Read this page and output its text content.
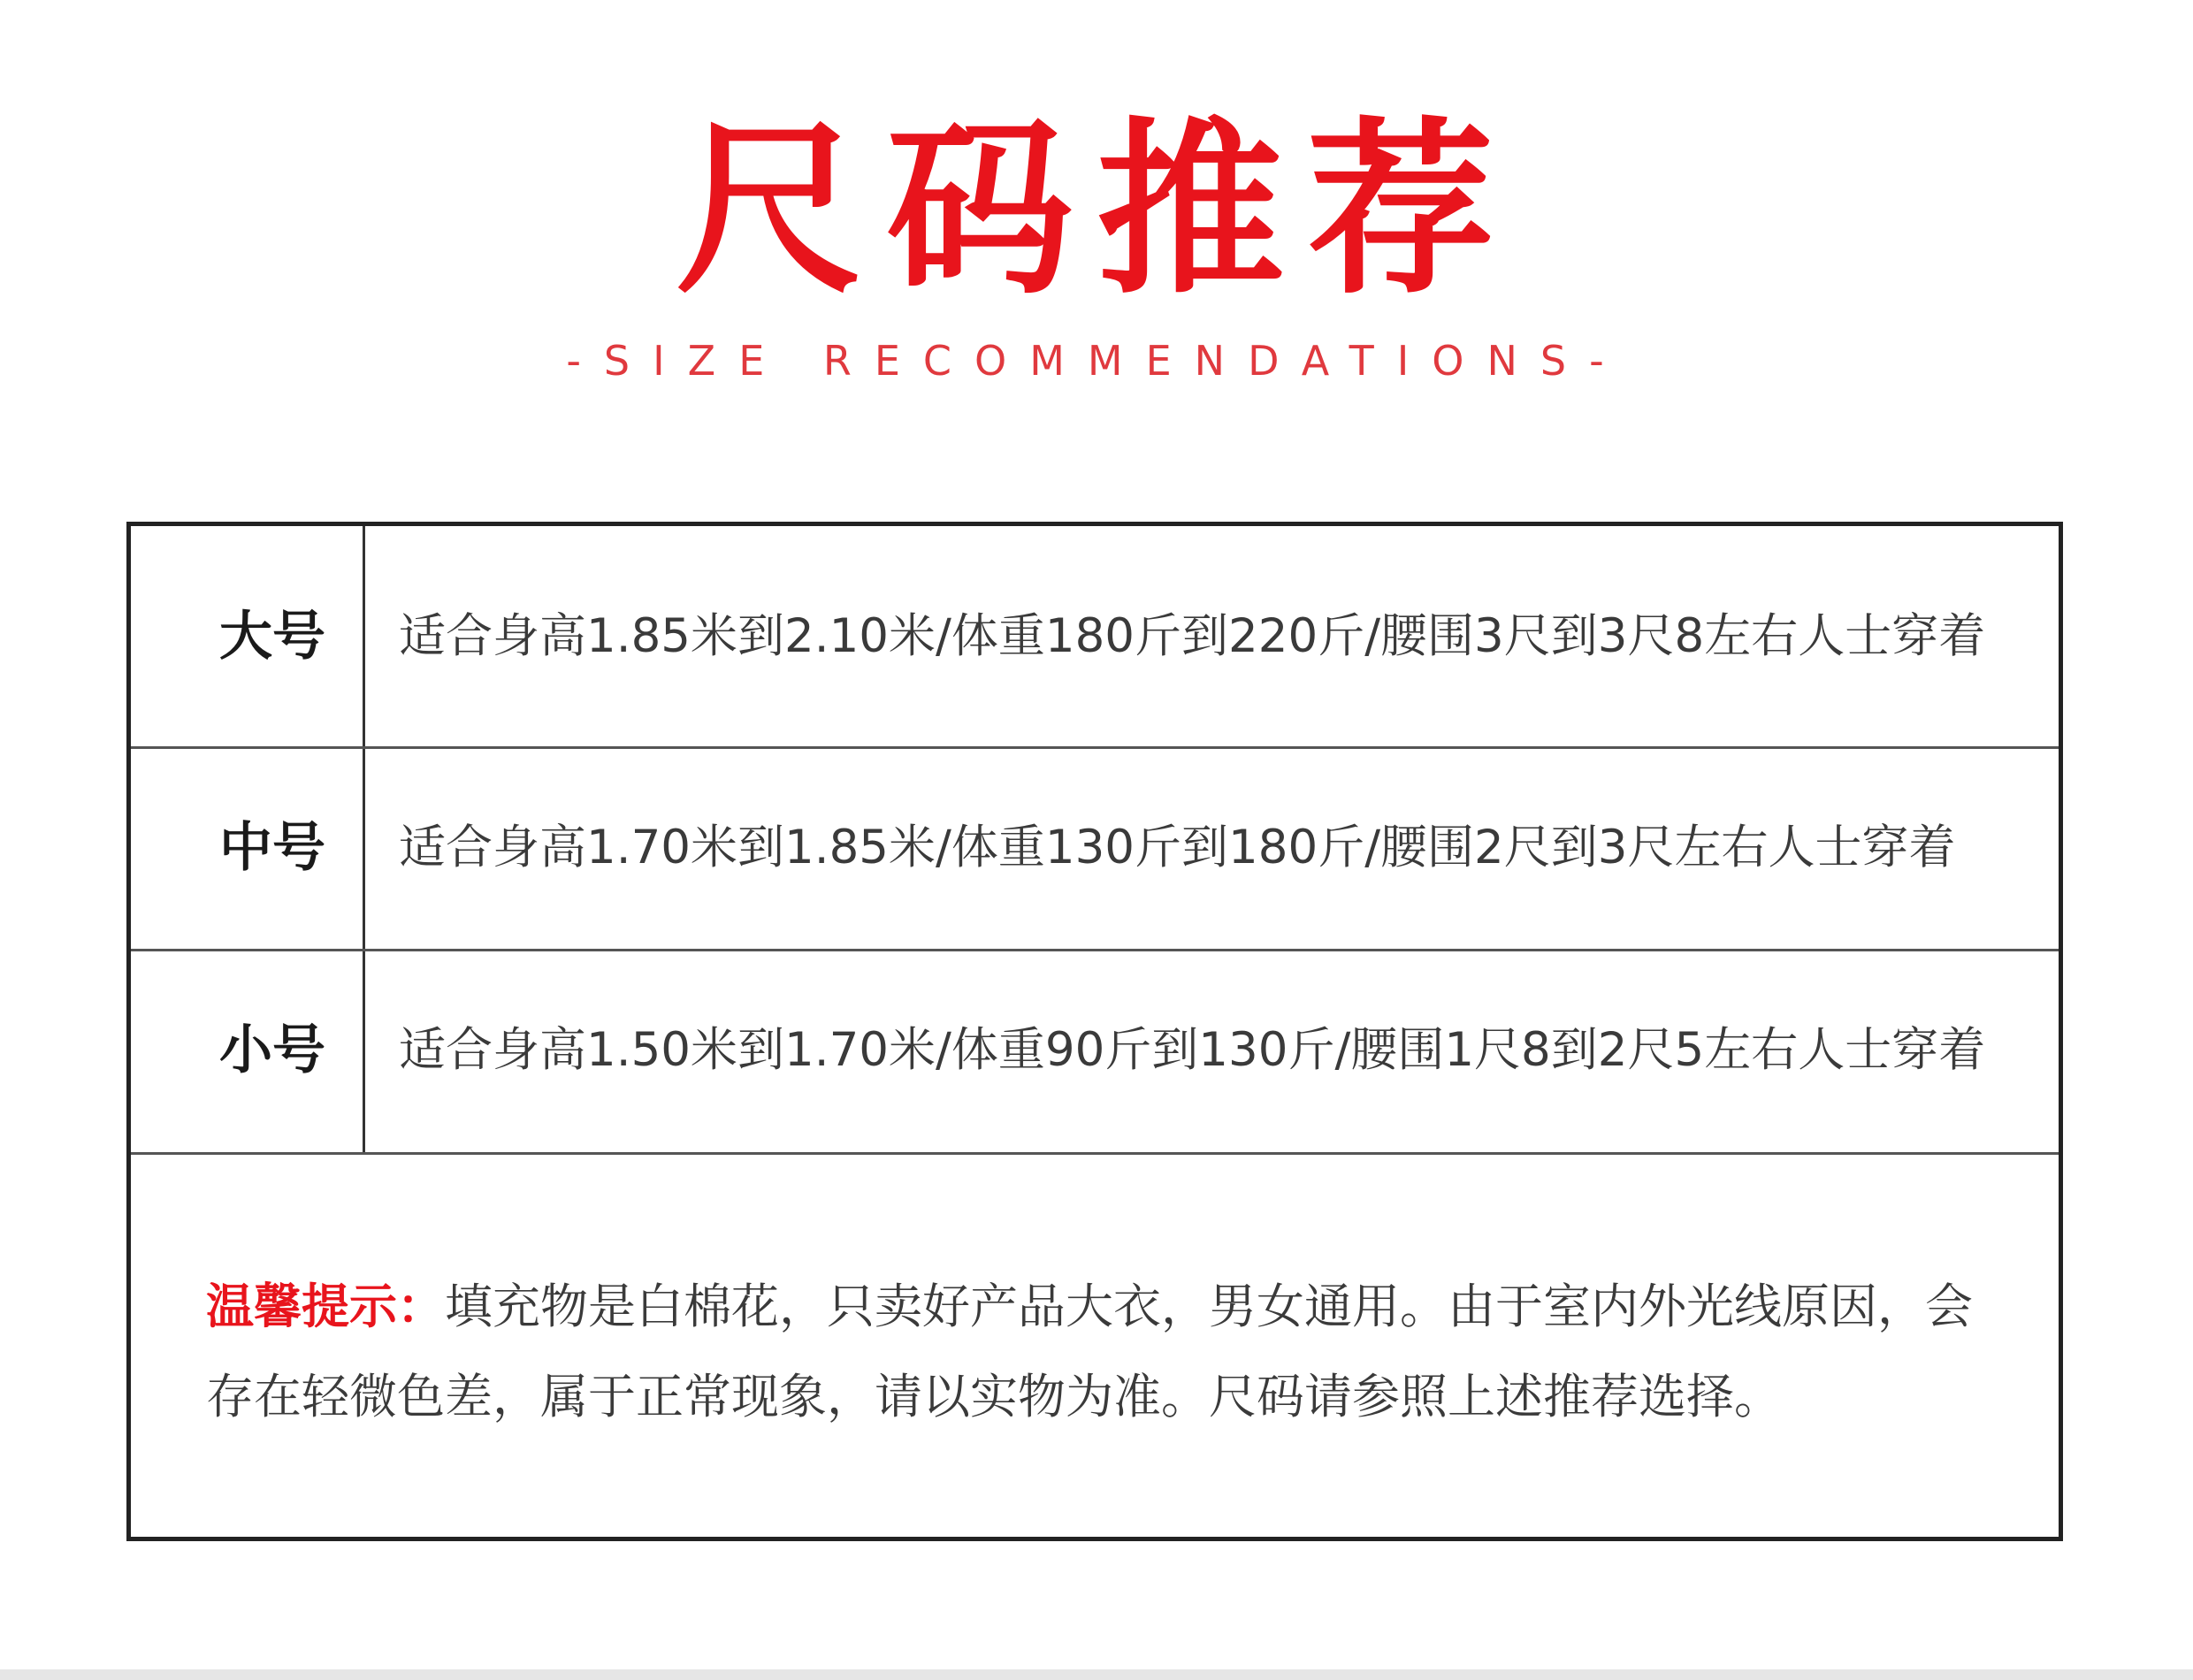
尺码推荐
-SIZE RECOMMENDATIONS-
大号	适合身高1.85米到2.10米/体重180斤到220斤/腰围3尺到3尺8左右人士穿着
中号	适合身高1.70米到1.85米/体重130斤到180斤/腰围2尺到3尺左右人士穿着
小号	适合身高1.50米到1.70米/体重90斤到130斤/腰围1尺8到2尺5左右人士穿着
温馨提示：填充物是白棉花，只卖好产品大衣，男女通用。由于室内外光线原因，会存在轻微色差，属于正常现象，请以实物为准。尺码请参照上述推荐选择。
